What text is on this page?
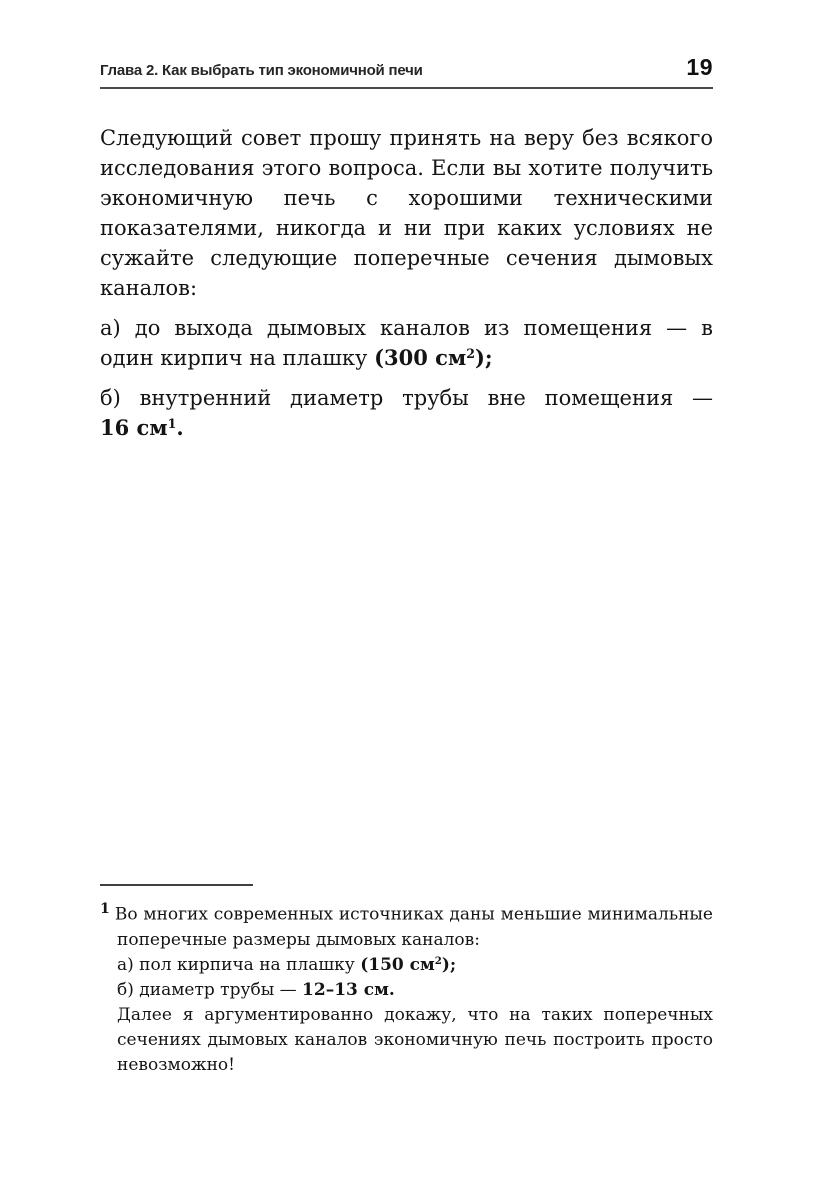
Глава 2. Как выбрать тип экономичной печи	19

Следующий совет прошу принять на веру без всякого исследования этого вопроса. Если вы хотите получить экономичную печь с хорошими техническими показателями, никогда и ни при каких условиях не сужайте следующие поперечные сечения дымовых каналов:

а) до выхода дымовых каналов из помещения — в один кирпич на плашку (300 $см^2$);

б) внутренний диаметр трубы вне помещения —
16 $см^1$.

$^1$ Во многих современных источниках даны меньшие минимальные поперечные размеры дымовых каналов:

а) пол кирпича на плашку (150 $см^2$);

б) диаметр трубы — 12–13 см.

Далее я аргументированно докажу, что на таких поперечных сечениях дымовых каналов экономичную печь построить просто невозможно!
